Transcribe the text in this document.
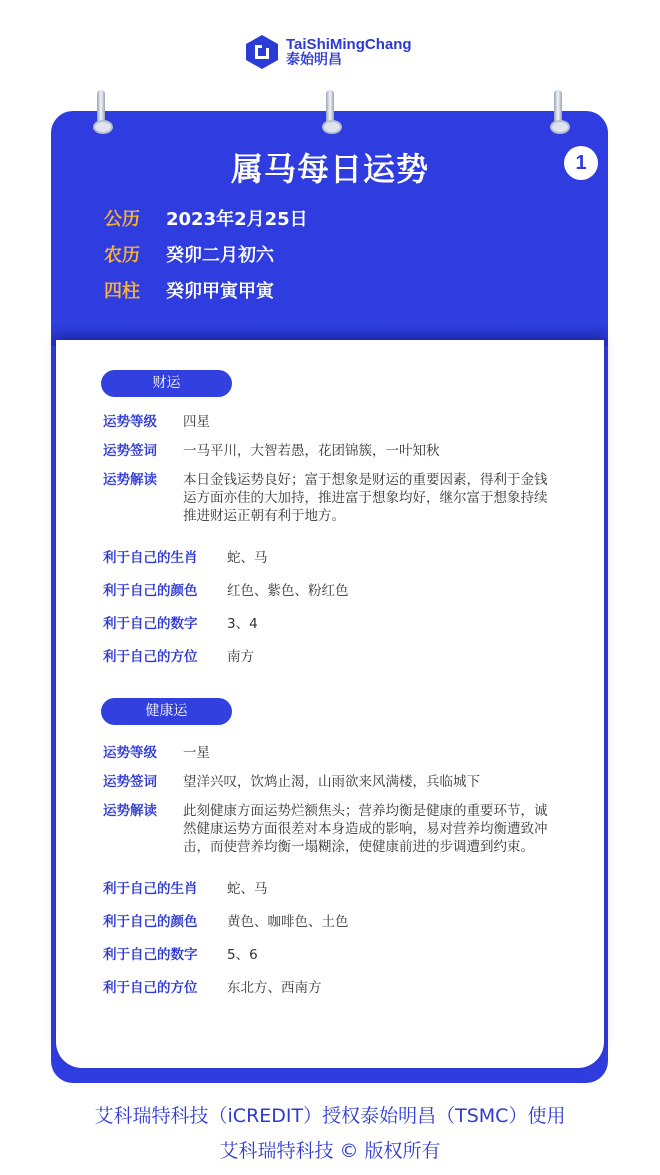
TaiShiMingChang
泰始明昌
属马每日运势	1
公历	2023年2月25日
农历	癸卯二月初六
四柱	癸卯甲寅甲寅
财运
运势等级	四星
运势签词	一马平川，大智若愚，花团锦簇，一叶知秋
运势解读	本日金钱运势良好；富于想象是财运的重要因素，得利于金钱运方面亦佳的大加持，推进富于想象均好，继尔富于想象持续推进财运正朝有利于地方。
利于自己的生肖	蛇、马
利于自己的颜色	红色、紫色、粉红色
利于自己的数字	3、4
利于自己的方位	南方
健康运
运势等级	一星
运势签词	望洋兴叹，饮鸩止渴，山雨欲来风满楼，兵临城下
运势解读	此刻健康方面运势烂额焦头；营养均衡是健康的重要环节，诚然健康运势方面很差对本身造成的影响，易对营养均衡遭致冲击，而使营养均衡一塌糊涂，使健康前进的步调遭到约束。
利于自己的生肖	蛇、马
利于自己的颜色	黄色、咖啡色、土色
利于自己的数字	5、6
利于自己的方位	东北方、西南方
艾科瑞特科技（iCREDIT）授权泰始明昌（TSMC）使用
艾科瑞特科技 © 版权所有
